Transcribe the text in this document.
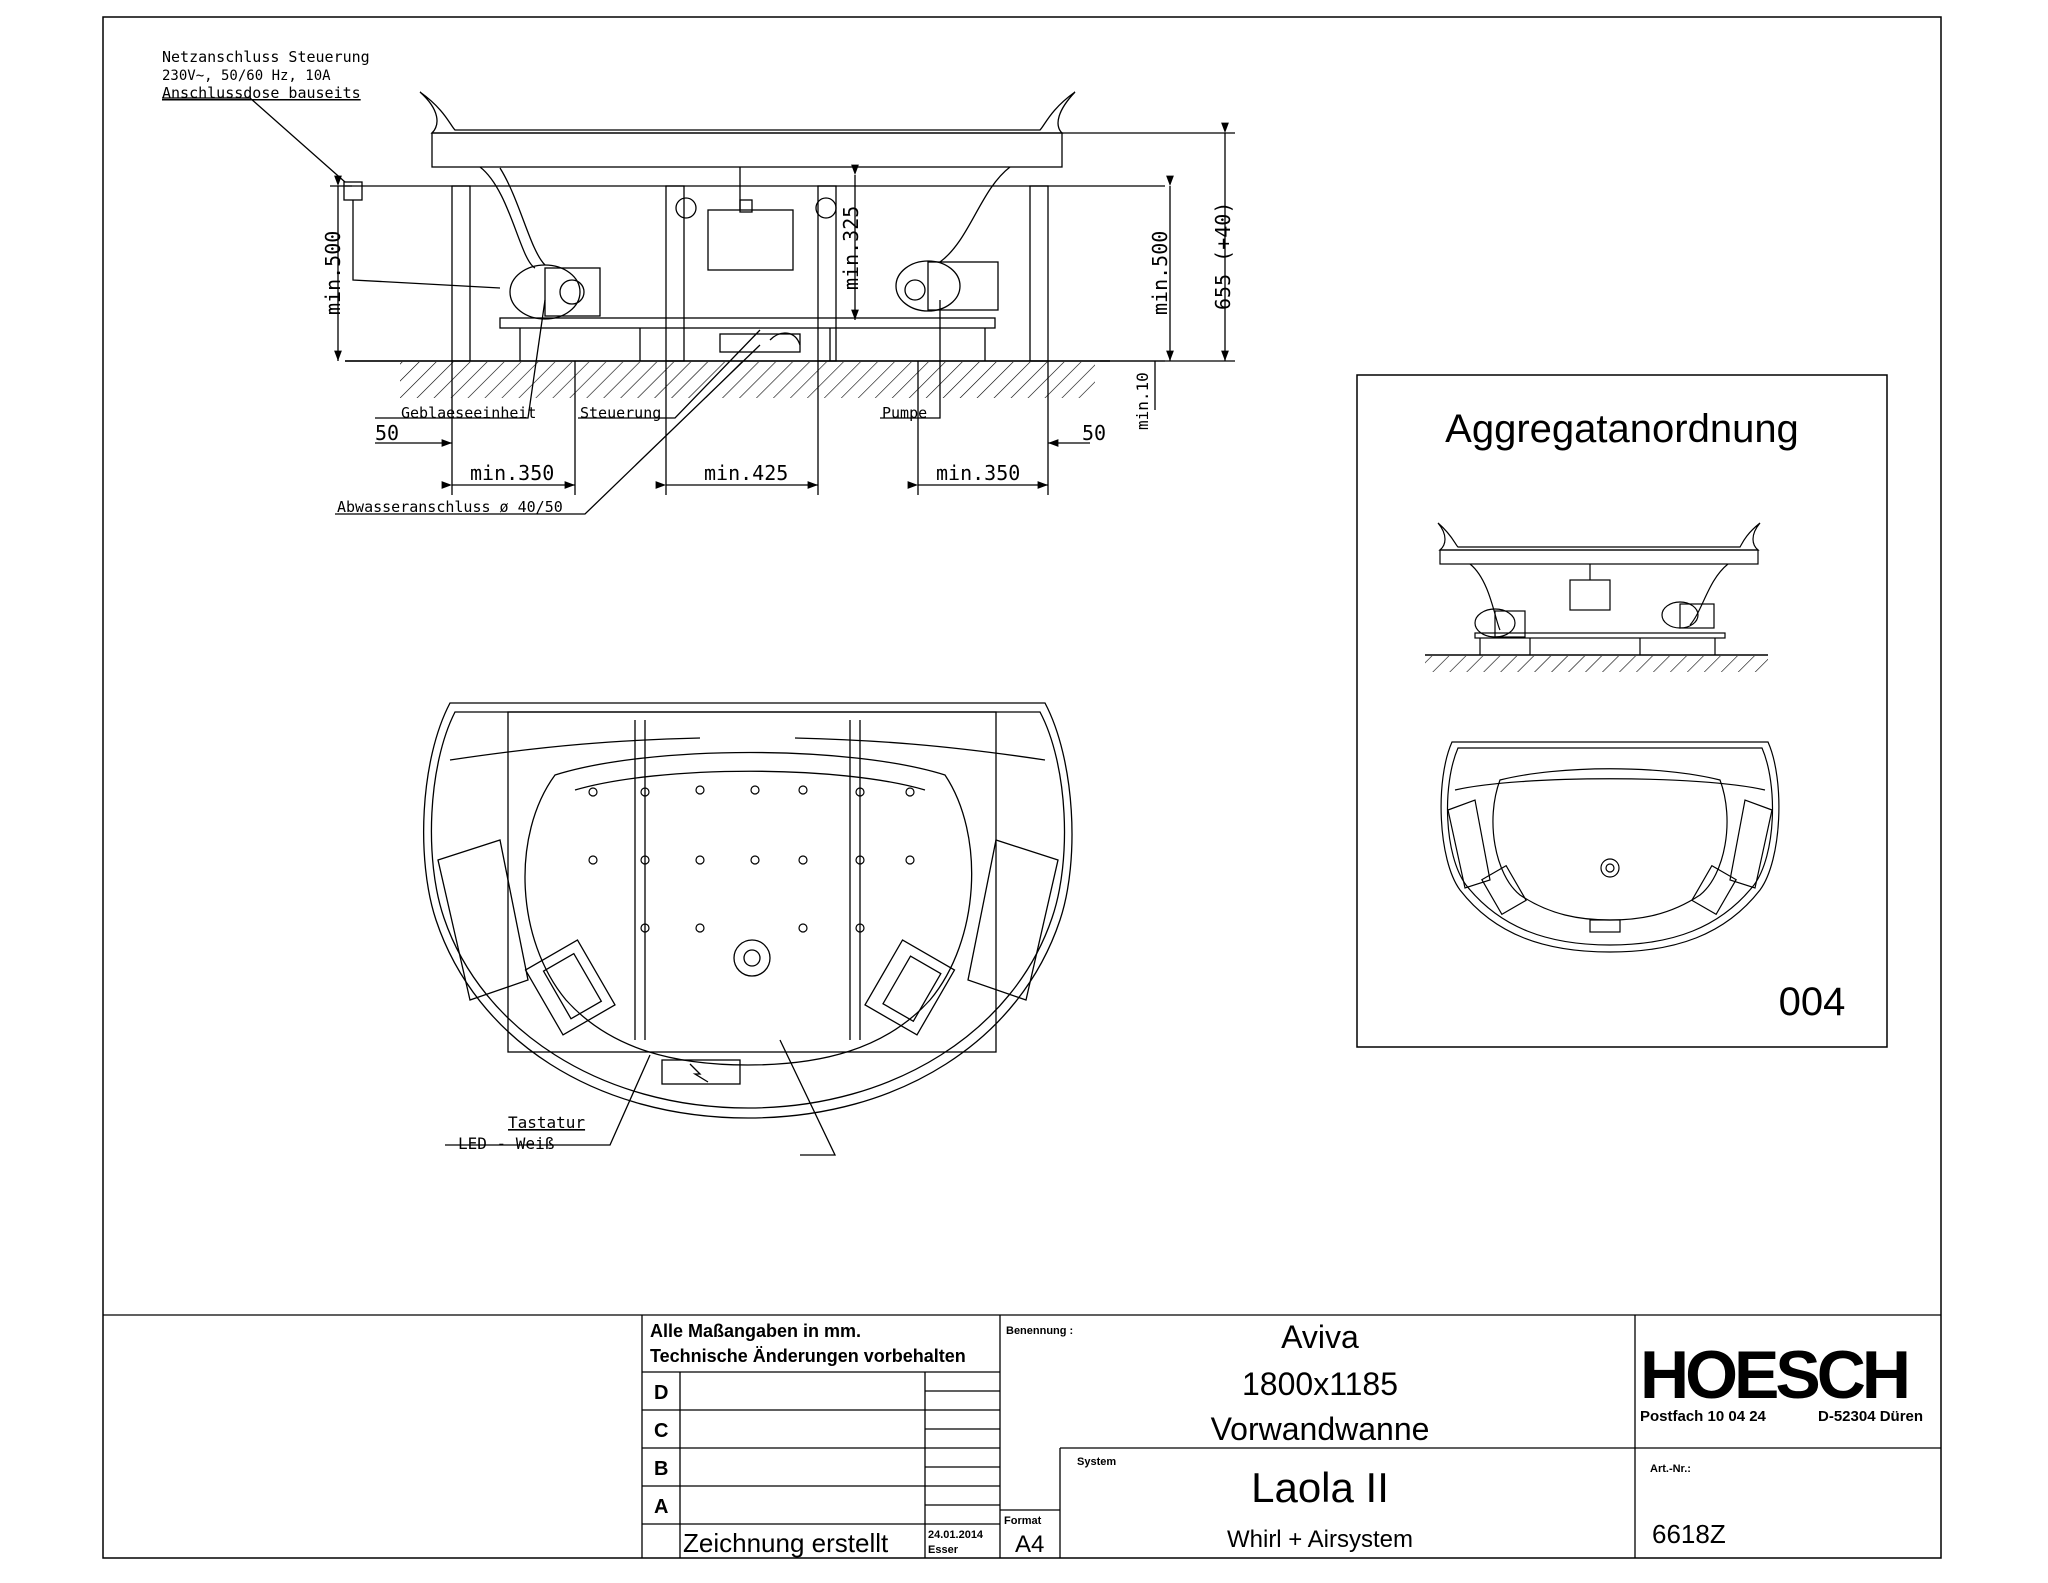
Netzanschluss Steuerung
230V~, 50/60 Hz, 10A
Anschlussdose bauseits
Geblaeseeinheit	Steuerung	Pumpe
Abwasseranschluss ø 40/50
50	50
min.350	min.425	min.350
min.500	min.500
min.325	655 (+40)
min.10
Tastatur
LED - Weiß
Aggregatanordnung
004
Alle Maßangaben in mm.
Technische Änderungen vorbehalten
D
C
B
A
Zeichnung erstellt	24.01.2014
Esser
Format
A4
Benennung :	Aviva
1800x1185
Vorwandwanne
System
Laola II
Whirl + Airsystem
HOESCH
Postfach 10 04 24	D-52304 Düren
Art.-Nr.:
6618Z
